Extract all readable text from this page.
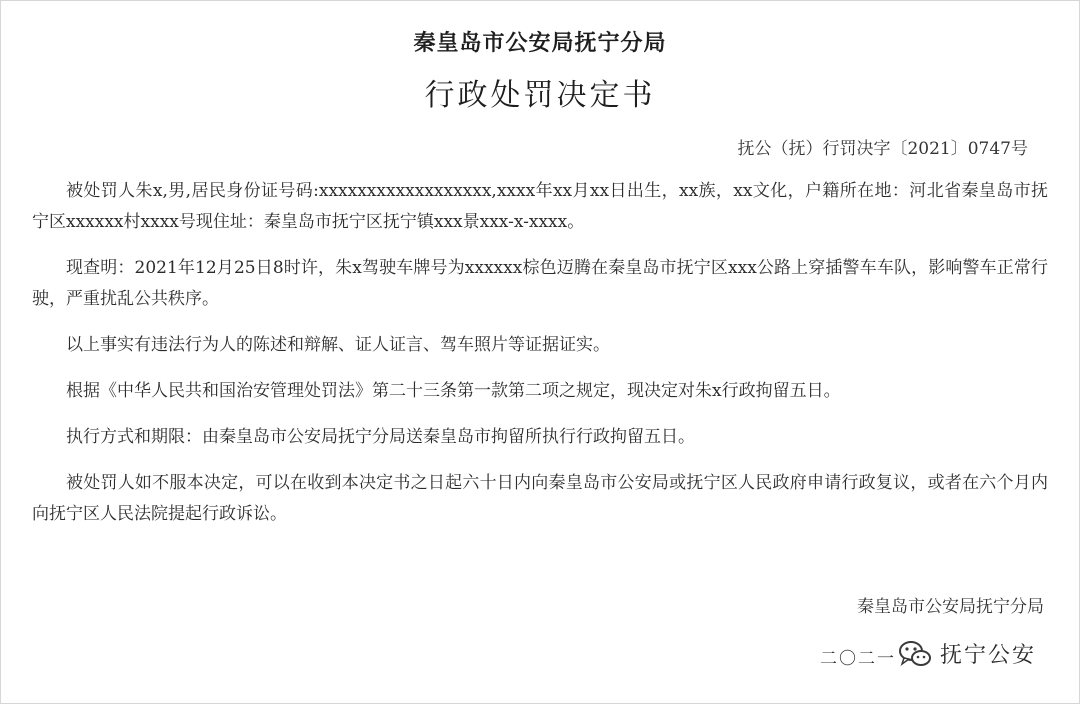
秦皇岛市公安局抚宁分局
行政处罚决定书
抚公（抚）行罚决字〔2021〕0747号

被处罚人朱x,男,居民身份证号码:xxxxxxxxxxxxxxxxxx,xxxx年xx月xx日出生，xx族，xx文化，户籍所在地：河北省秦皇岛市抚宁区xxxxxx村xxxx号现住址：秦皇岛市抚宁区抚宁镇xxx景xxx-x-xxxx。

现查明：2021年12月25日8时许，朱x驾驶车牌号为xxxxxx棕色迈腾在秦皇岛市抚宁区xxx公路上穿插警车车队，影响警车正常行驶，严重扰乱公共秩序。

以上事实有违法行为人的陈述和辩解、证人证言、驾车照片等证据证实。

根据《中华人民共和国治安管理处罚法》第二十三条第一款第二项之规定，现决定对朱x行政拘留五日。

执行方式和期限：由秦皇岛市公安局抚宁分局送秦皇岛市拘留所执行行政拘留五日。

被处罚人如不服本决定，可以在收到本决定书之日起六十日内向秦皇岛市公安局或抚宁区人民政府申请行政复议，或者在六个月内向抚宁区人民法院提起行政诉讼。

秦皇岛市公安局抚宁分局
二〇二一 抚宁公安
